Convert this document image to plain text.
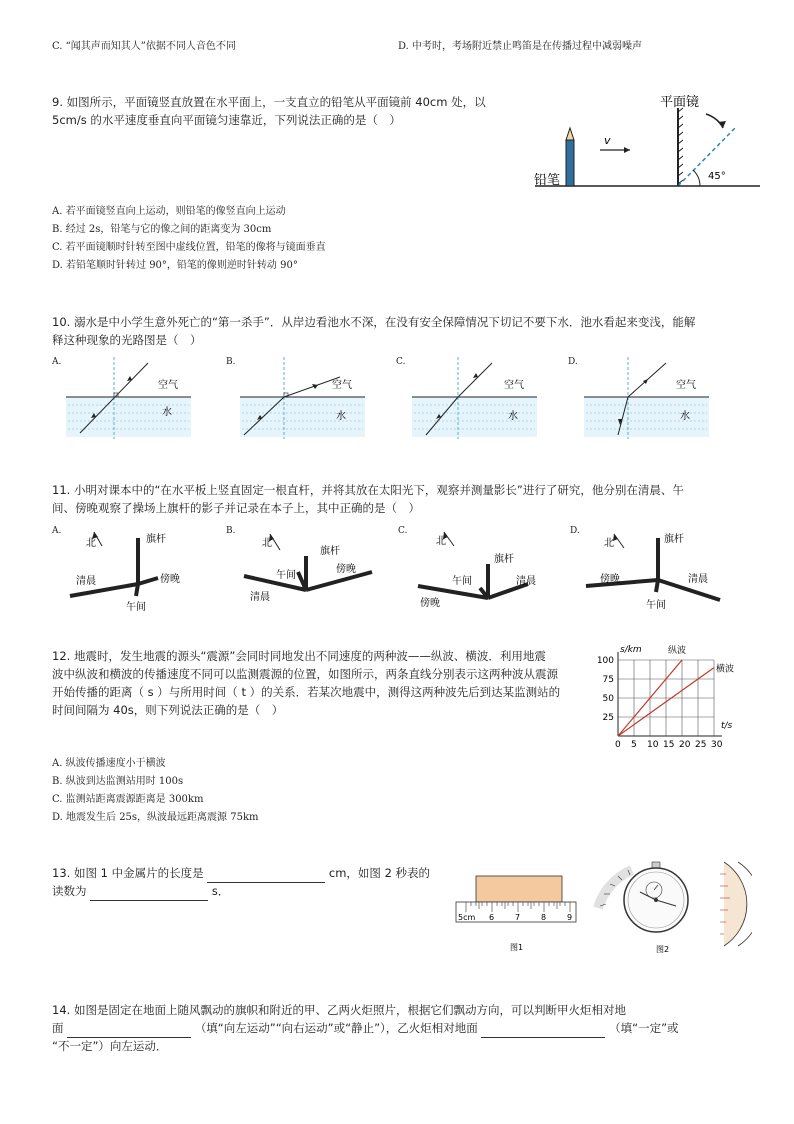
C. “闻其声而知其人”依据不同人音色不同	D. 中考时，考场附近禁止鸣笛是在传播过程中减弱噪声
9. 如图所示，平面镜竖直放置在水平面上，一支直立的铅笔从平面镜前 40cm 处，以
5cm/s 的水平速度垂直向平面镜匀速靠近，下列说法正确的是（　）
平面镜
45°
铅笔
v
A. 若平面镜竖直向上运动，则铅笔的像竖直向上运动
B. 经过 2s，铅笔与它的像之间的距离变为 30cm
C. 若平面镜顺时针转至图中虚线位置，铅笔的像将与镜面垂直
D. 若铅笔顺时针转过 90°，铅笔的像则逆时针转动 90°
10. 溺水是中小学生意外死亡的“第一杀手”．从岸边看池水不深，在没有安全保障情况下切记不要下水．池水看起来变浅，能解
释这种现象的光路图是（　）
A.
空气
水
B.
空气
水
C.
空气
水
D.
空气
水
11. 小明对课本中的“在水平板上竖直固定一根直杆，并将其放在太阳光下，观察并测量影长”进行了研究，他分别在清晨、午
间、傍晚观察了操场上旗杆的影子并记录在本子上，其中正确的是（　）
A.
北	旗杆
清晨	傍晚
午间
B.
北
旗杆
午间
傍晚
清晨
C.
北
旗杆
午间	清晨
傍晚
D.
北	旗杆
傍晚	清晨
午间
12. 地震时，发生地震的源头“震源”会同时同地发出不同速度的两种波——纵波、横波．利用地震
波中纵波和横波的传播速度不同可以监测震源的位置，如图所示，两条直线分别表示这两种波从震源
开始传播的距离（ s ）与所用时间（ t ）的关系．若某次地震中，测得这两种波先后到达某监测站的
时间间隔为 40s，则下列说法正确的是（　）
s/km
t/s
0 5 10 15 20 25 30
25
50
75
100
纵波
横波
A. 纵波传播速度小于横波
B. 纵波到达监测站用时 100s
C. 监测站距离震源距离是 300km
D. 地震发生后 25s，纵波最远距离震源 75km
13. 如图 1 中金属片的长度是	cm，如图 2 秒表的
读数为	s．
5cm 6	7	8	9
图1	图2
14. 如图是固定在地面上随风飘动的旗帜和附近的甲、乙两火炬照片，根据它们飘动方向，可以判断甲火炬相对地
面	（填“向左运动”“向右运动”或“静止”），乙火炬相对地面	（填“一定”或
“不一定”）向左运动．
